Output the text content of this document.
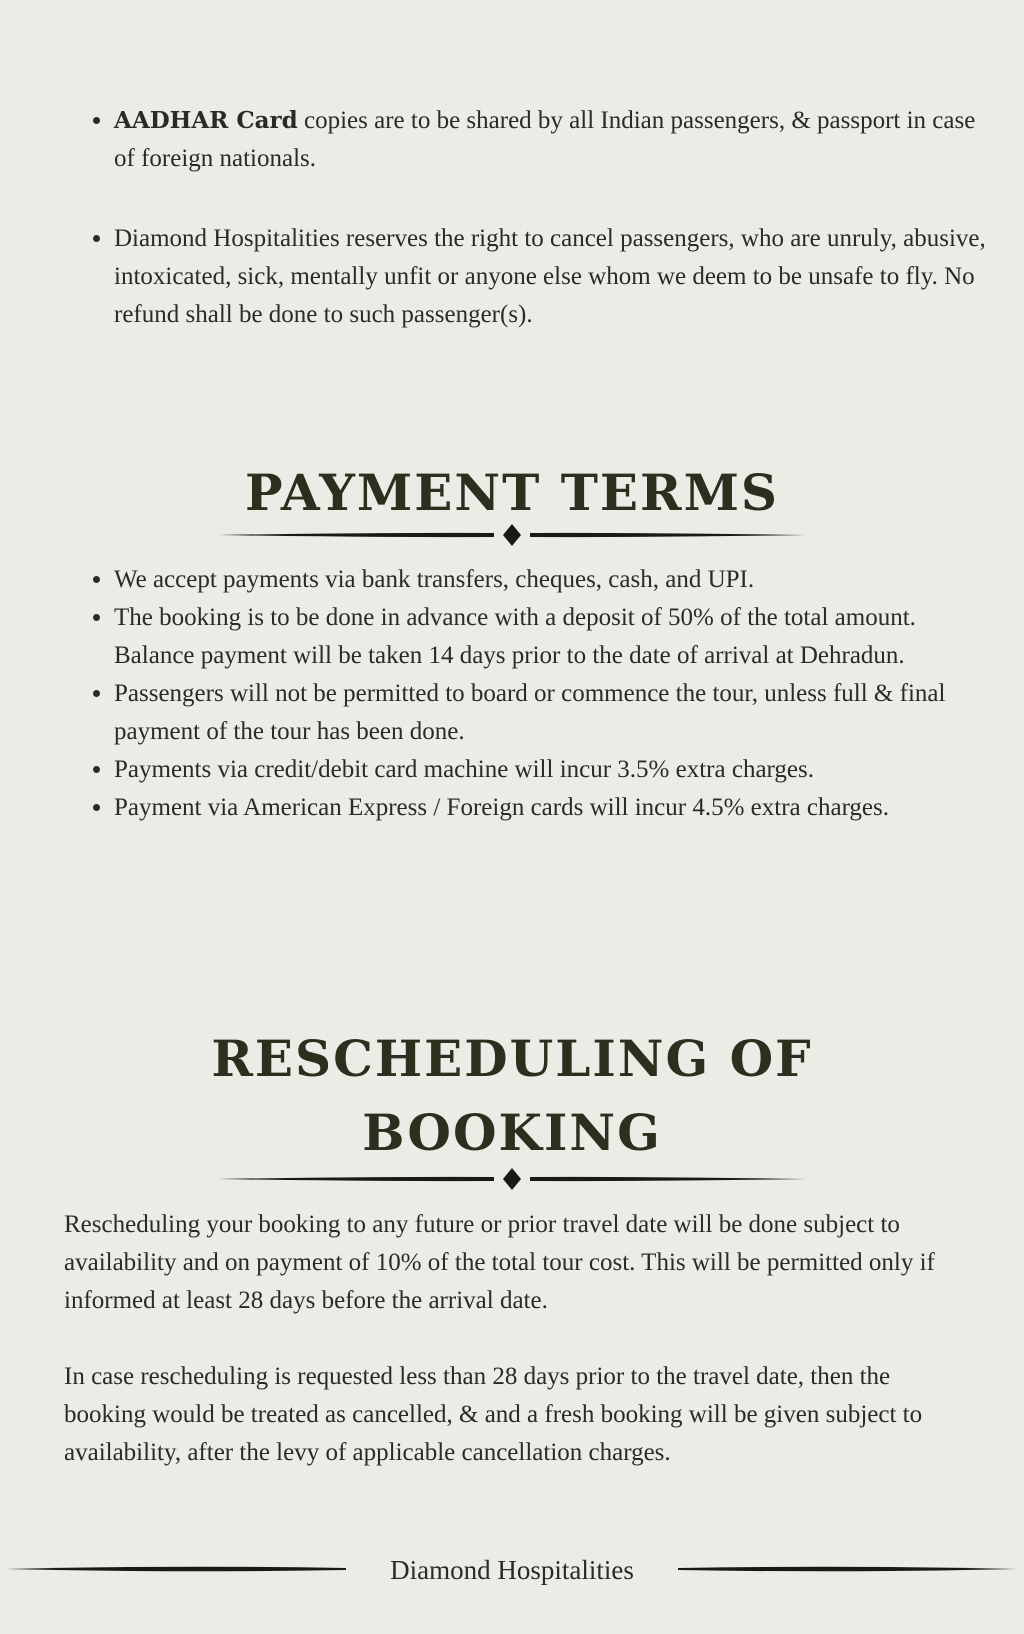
• AADHAR Card copies are to be shared by all Indian passengers, & passport in case of foreign nationals.
• Diamond Hospitalities reserves the right to cancel passengers, who are unruly, abusive, intoxicated, sick, mentally unfit or anyone else whom we deem to be unsafe to fly. No refund shall be done to such passenger(s).
PAYMENT TERMS
• We accept payments via bank transfers, cheques, cash, and UPI.
• The booking is to be done in advance with a deposit of 50% of the total amount. Balance payment will be taken 14 days prior to the date of arrival at Dehradun.
• Passengers will not be permitted to board or commence the tour, unless full & final payment of the tour has been done.
• Payments via credit/debit card machine will incur 3.5% extra charges.
• Payment via American Express / Foreign cards will incur 4.5% extra charges.
RESCHEDULING OF
BOOKING

Rescheduling your booking to any future or prior travel date will be done subject to availability and on payment of 10% of the total tour cost. This will be permitted only if informed at least 28 days before the arrival date.

In case rescheduling is requested less than 28 days prior to the travel date, then the booking would be treated as cancelled, & and a fresh booking will be given subject to availability, after the levy of applicable cancellation charges.

Diamond Hospitalities
